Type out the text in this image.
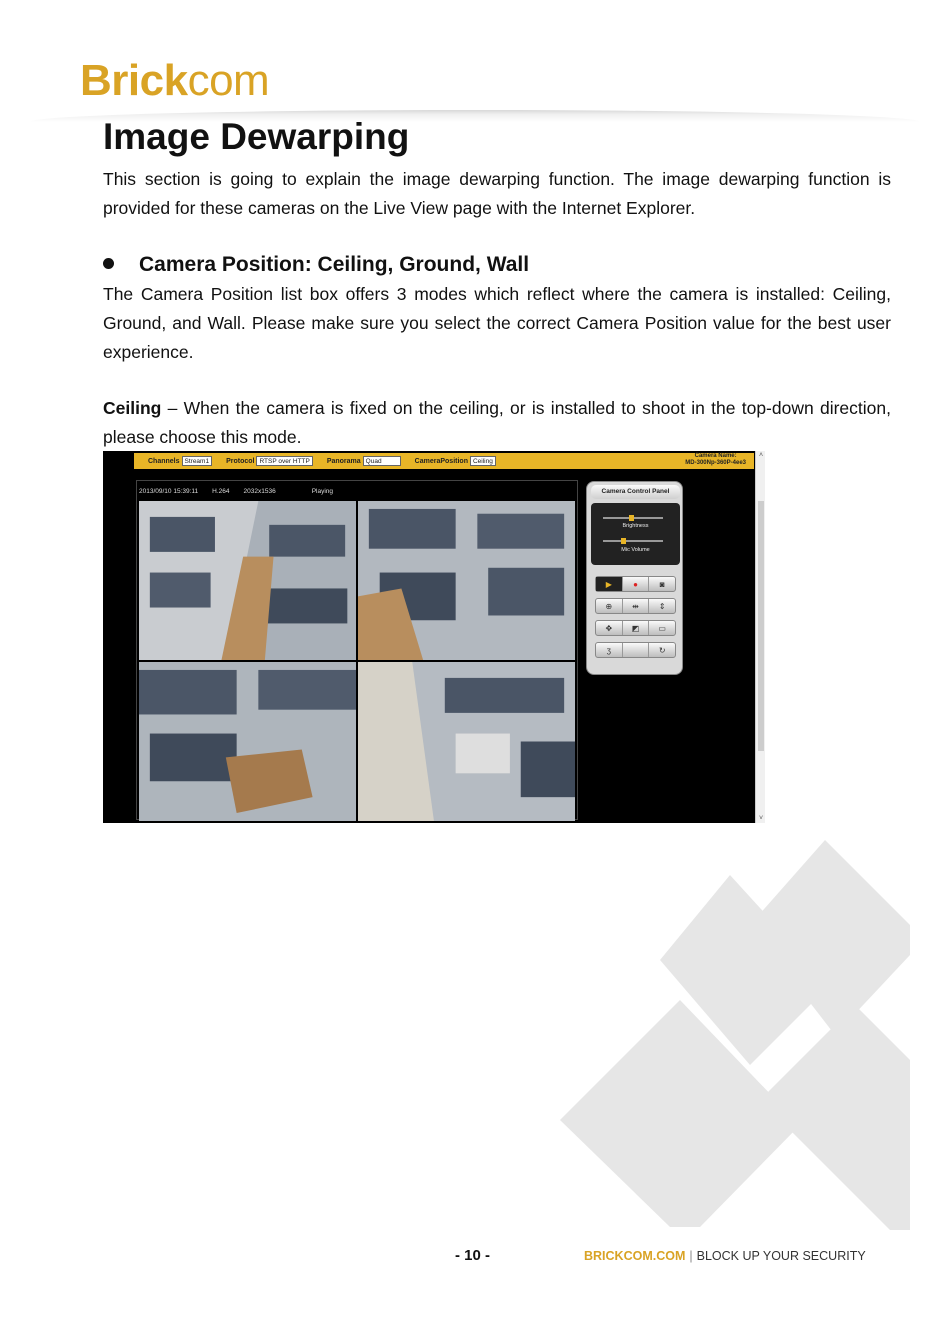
Brickcom
Image Dewarping

This section is going to explain the image dewarping function. The image dewarping function is provided for these cameras on the Live View page with the Internet Explorer.

Camera Position: Ceiling, Ground, Wall

The Camera Position list box offers 3 modes which reflect where the camera is installed: Ceiling, Ground, and Wall. Please make sure you select the correct Camera Position value for the best user experience.

Ceiling – When the camera is fixed on the ceiling, or is installed to shoot in the top-down direction, please choose this mode.

Channels Stream1	Protocol RTSP over HTTP	Panorama Quad	CameraPosition Ceiling
Camera Name:
MD-300Np-360P-4ee3
2013/09/10 15:39:11 H.264 2032x1536	Playing	Camera Control Panel
Brightness
Mic Volume
▶	●	◙
⊕	⇹	⇕
✥	◩	▭
ʒ	↻
˄
˅
- 10 -	BRICKCOM.COM | BLOCK UP YOUR SECURITY
